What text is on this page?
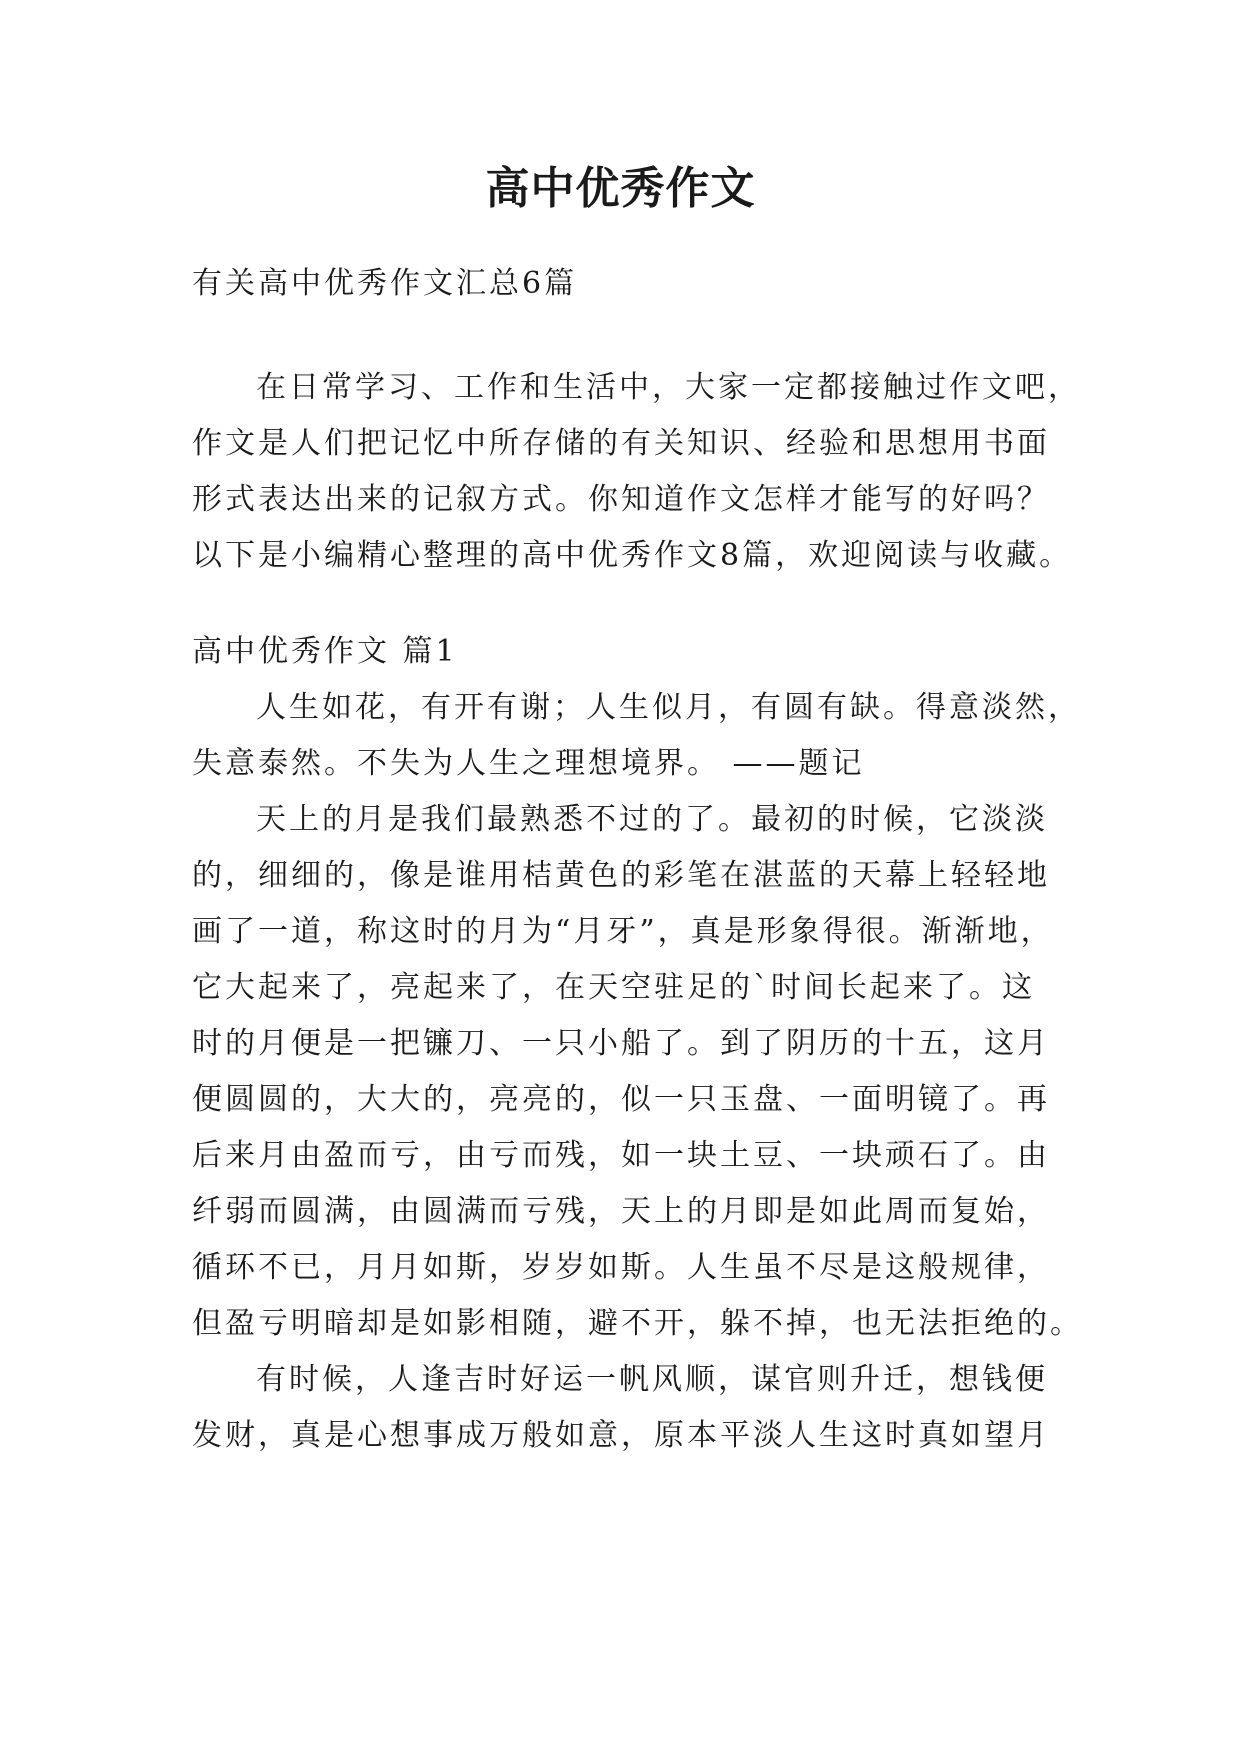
高中优秀作文
有关高中优秀作文汇总6篇
在日常学习、工作和生活中，大家一定都接触过作文吧，
作文是人们把记忆中所存储的有关知识、经验和思想用书面
形式表达出来的记叙方式。你知道作文怎样才能写的好吗？
以下是小编精心整理的高中优秀作文8篇，欢迎阅读与收藏。
高中优秀作文 篇1
人生如花，有开有谢；人生似月，有圆有缺。得意淡然，
失意泰然。不失为人生之理想境界。 ——题记
天上的月是我们最熟悉不过的了。最初的时候，它淡淡
的，细细的，像是谁用桔黄色的彩笔在湛蓝的天幕上轻轻地
画了一道，称这时的月为“月牙”，真是形象得很。渐渐地，
它大起来了，亮起来了，在天空驻足的`时间长起来了。这
时的月便是一把镰刀、一只小船了。到了阴历的十五，这月
便圆圆的，大大的，亮亮的，似一只玉盘、一面明镜了。再
后来月由盈而亏，由亏而残，如一块土豆、一块顽石了。由
纤弱而圆满，由圆满而亏残，天上的月即是如此周而复始，
循环不已，月月如斯，岁岁如斯。人生虽不尽是这般规律，
但盈亏明暗却是如影相随，避不开，躲不掉，也无法拒绝的。
有时候，人逢吉时好运一帆风顺，谋官则升迁，想钱便
发财，真是心想事成万般如意，原本平淡人生这时真如望月
